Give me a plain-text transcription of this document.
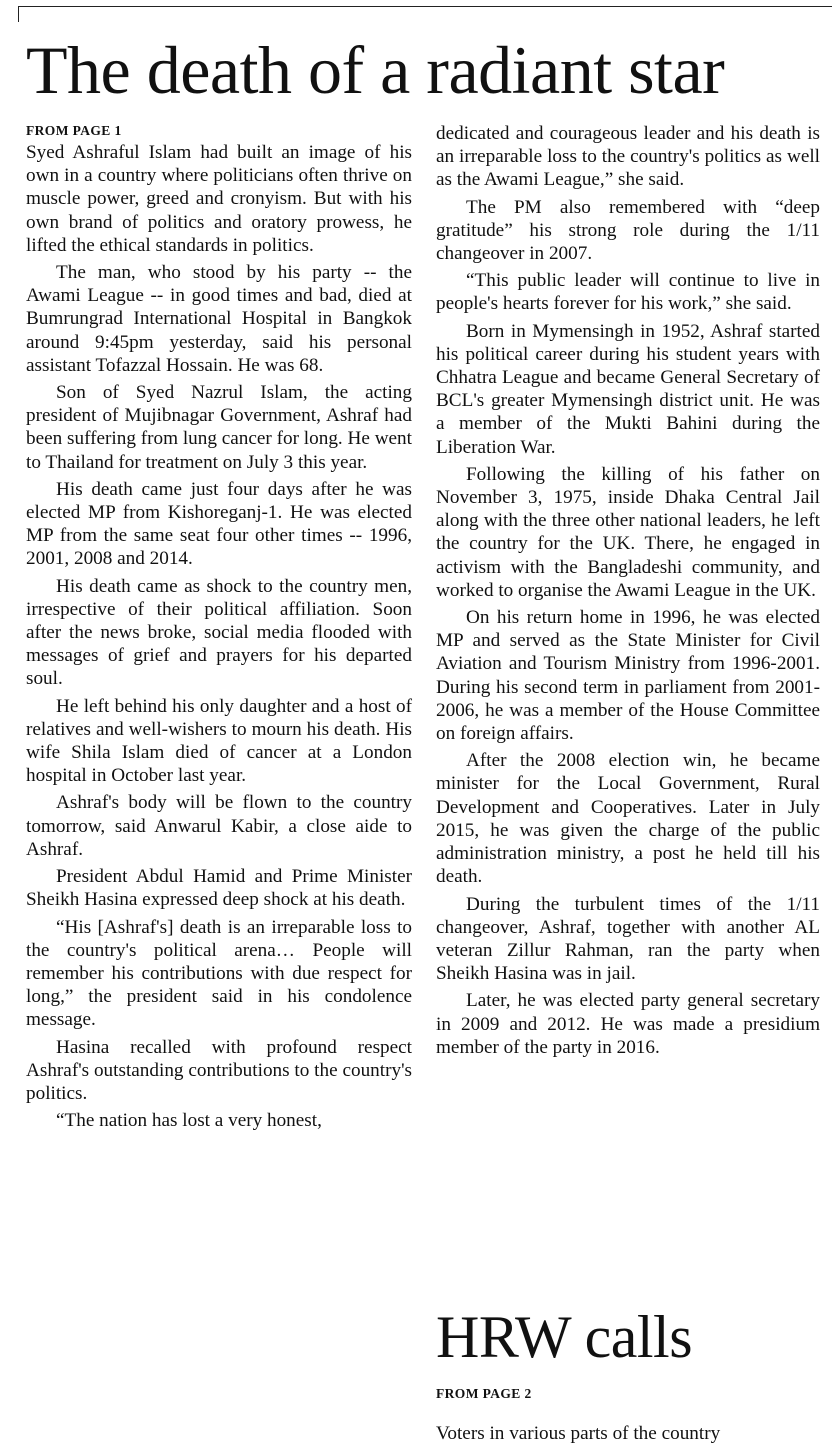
The death of a radiant star
FROM PAGE 1

Syed Ashraful Islam had built an image of his own in a country where politicians often thrive on muscle power, greed and cronyism. But with his own brand of politics and oratory prowess, he lifted the ethical standards in politics.

The man, who stood by his party -- the Awami League -- in good times and bad, died at Bumrungrad International Hospital in Bangkok around 9:45pm yesterday, said his personal assistant Tofazzal Hossain. He was 68.

Son of Syed Nazrul Islam, the acting president of Mujibnagar Government, Ashraf had been suffering from lung cancer for long. He went to Thailand for treatment on July 3 this year.

His death came just four days after he was elected MP from Kishoreganj-1. He was elected MP from the same seat four other times -- 1996, 2001, 2008 and 2014.

His death came as shock to the country men, irrespective of their political affiliation. Soon after the news broke, social media flooded with messages of grief and prayers for his departed soul.

He left behind his only daughter and a host of relatives and well-wishers to mourn his death. His wife Shila Islam died of cancer at a London hospital in October last year.

Ashraf's body will be flown to the country tomorrow, said Anwarul Kabir, a close aide to Ashraf.

President Abdul Hamid and Prime Minister Sheikh Hasina expressed deep shock at his death.

“His [Ashraf's] death is an irreparable loss to the country's political arena… People will remember his contributions with due respect for long,” the president said in his condolence message.

Hasina recalled with profound respect Ashraf's outstanding contributions to the country's politics.

“The nation has lost a very honest,

dedicated and courageous leader and his death is an irreparable loss to the country's politics as well as the Awami League,” she said.

The PM also remembered with “deep gratitude” his strong role during the 1/11 changeover in 2007.

“This public leader will continue to live in people's hearts forever for his work,” she said.

Born in Mymensingh in 1952, Ashraf started his political career during his student years with Chhatra League and became General Secretary of BCL's greater Mymensingh district unit. He was a member of the Mukti Bahini during the Liberation War.

Following the killing of his father on November 3, 1975, inside Dhaka Central Jail along with the three other national leaders, he left the country for the UK. There, he engaged in activism with the Bangladeshi community, and worked to organise the Awami League in the UK.

On his return home in 1996, he was elected MP and served as the State Minister for Civil Aviation and Tourism Ministry from 1996-2001. During his second term in parliament from 2001-2006, he was a member of the House Committee on foreign affairs.

After the 2008 election win, he became minister for the Local Government, Rural Development and Cooperatives. Later in July 2015, he was given the charge of the public administration ministry, a post he held till his death.

During the turbulent times of the 1/11 changeover, Ashraf, together with another AL veteran Zillur Rahman, ran the party when Sheikh Hasina was in jail.

Later, he was elected party general secretary in 2009 and 2012. He was made a presidium member of the party in 2016.

HRW calls
FROM PAGE 2
Voters in various parts of the country
